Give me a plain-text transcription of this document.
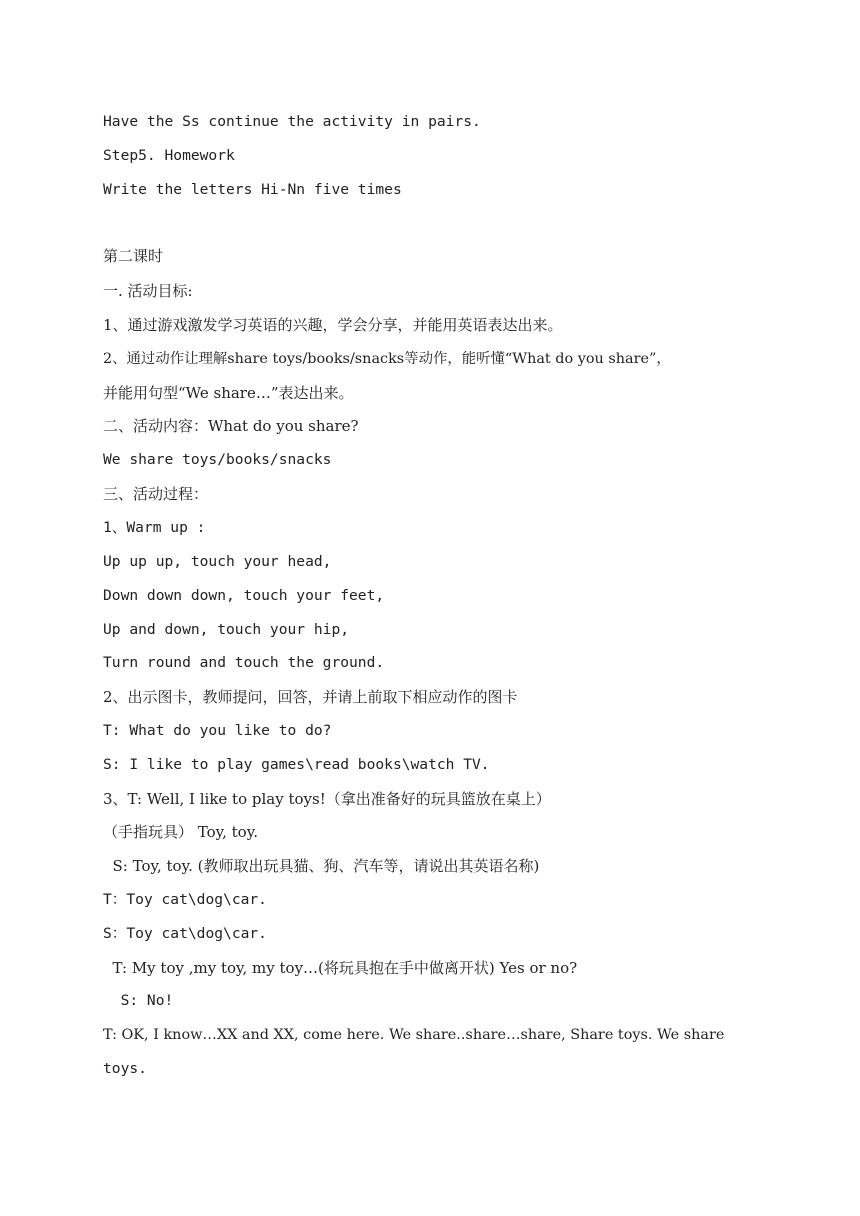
Have the Ss continue the activity in pairs.
Step5. Homework
Write the letters Hi-Nn five times
第二课时
一. 活动目标:
1、通过游戏激发学习英语的兴趣，学会分享，并能用英语表达出来。
2、通过动作让理解share toys/books/snacks等动作，能听懂“What do you share”，
并能用句型“We share…”表达出来。
二、活动内容：What do you share?
We share toys/books/snacks
三、活动过程：
1、Warm up :
Up up up, touch your head,
Down down down, touch your feet,
Up and down, touch your hip,
Turn round and touch the ground.
2、出示图卡，教师提问，回答，并请上前取下相应动作的图卡
T: What do you like to do?
S: I like to play games\read books\watch TV.
3、T: Well, I like to play toys!（拿出准备好的玩具篮放在桌上）
（手指玩具） Toy, toy.
S: Toy, toy. (教师取出玩具猫、狗、汽车等，请说出其英语名称)
T：Toy cat\dog\car.
S：Toy cat\dog\car.
T: My toy ,my toy, my toy…(将玩具抱在手中做离开状) Yes or no?
S: No!
T: OK, I know…XX and XX, come here. We share..share…share, Share toys. We share
toys.
